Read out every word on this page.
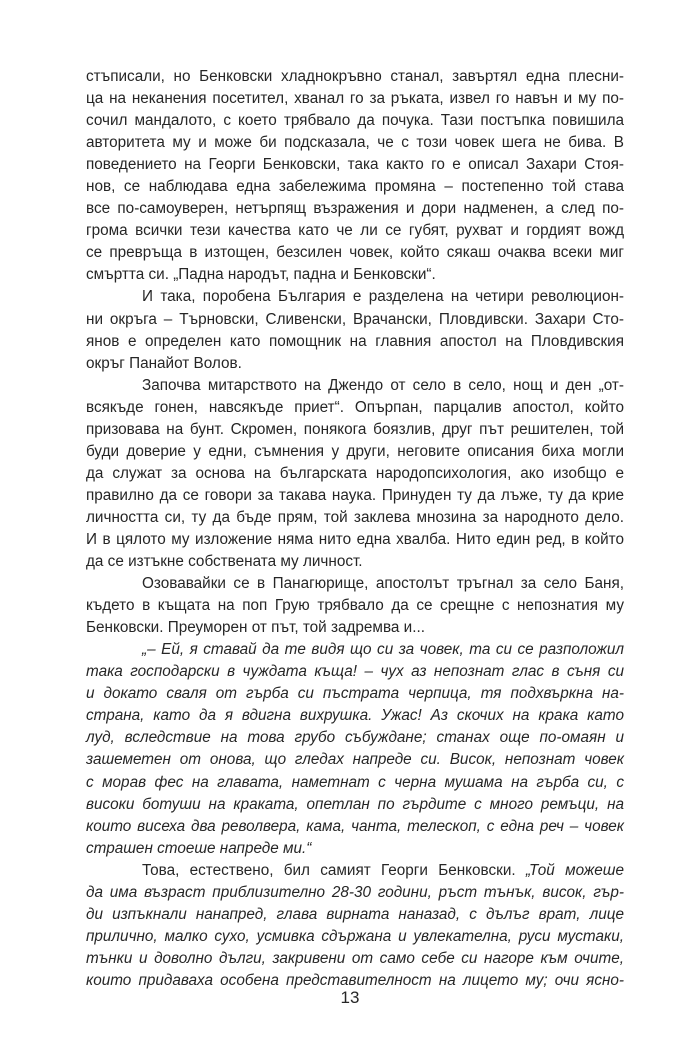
стъписали, но Бенковски хладнокръвно станал, завъртял една плесни-
ца на неканения посетител, хванал го за ръката, извел го навън и му по-
сочил мандалото, с което трябвало да почука. Тази постъпка повишила
авторитета му и може би подсказала, че с този човек шега не бива. В
поведението на Георги Бенковски, така както го е описал Захари Стоя-
нов, се наблюдава една забележима промяна – постепенно той става
все по-самоуверен, нетърпящ възражения и дори надменен, а след по-
грома всички тези качества като че ли се губят, рухват и гордият вожд
се превръща в изтощен, безсилен човек, който сякаш очаква всеки миг
смъртта си. „Падна народът, падна и Бенковски“.
И така, поробена България е разделена на четири революцион-
ни окръга – Търновски, Сливенски, Врачански, Пловдивски. Захари Сто-
янов е определен като помощник на главния апостол на Пловдивския
окръг Панайот Волов.
Започва митарството на Джендо от село в село, нощ и ден „от-
всякъде гонен, навсякъде приет“. Опърпан, парцалив апостол, който
призовава на бунт. Скромен, понякога боязлив, друг път решителен, той
буди доверие у едни, съмнения у други, неговите описания биха могли
да служат за основа на българската народопсихология, ако изобщо е
правилно да се говори за такава наука. Принуден ту да лъже, ту да крие
личността си, ту да бъде прям, той заклева мнозина за народното дело.
И в цялото му изложение няма нито една хвалба. Нито един ред, в който
да се изтъкне собствената му личност.
Озовавайки се в Панагюрище, апостолът тръгнал за село Баня,
където в къщата на поп Грую трябвало да се срещне с непознатия му
Бенковски. Преуморен от път, той задремва и...
„– Ей, я ставай да те видя що си за човек, та си се разположил
така господарски в чуждата къща! – чух аз непознат глас в съня си
и докато сваля от гърба си пъстрата черпица, тя подхвъркна на-
страна, като да я вдигна вихрушка. Ужас! Аз скочих на крака като
луд, вследствие на това грубо събуждане; станах още по-омаян и
зашеметен от онова, що гледах напреде си. Висок, непознат човек
с морав фес на главата, наметнат с черна мушама на гърба си, с
високи ботуши на краката, опетлан по гърдите с много ремъци, на
които висеха два револвера, кама, чанта, телескоп, с една реч – човек
страшен стоеше напреде ми.“
Това, естествено, бил самият Георги Бенковски. „Той можеше
да има възраст приблизително 28-30 години, ръст тънък, висок, гър-
ди изпъкнали нанапред, глава вирната наназад, с дълъг врат, лице
прилично, малко сухо, усмивка сдържана и увлекателна, руси мустаки,
тънки и доволно дълги, закривени от само себе си нагоре към очите,
които придаваха особена представителност на лицето му; очи ясно-
13
